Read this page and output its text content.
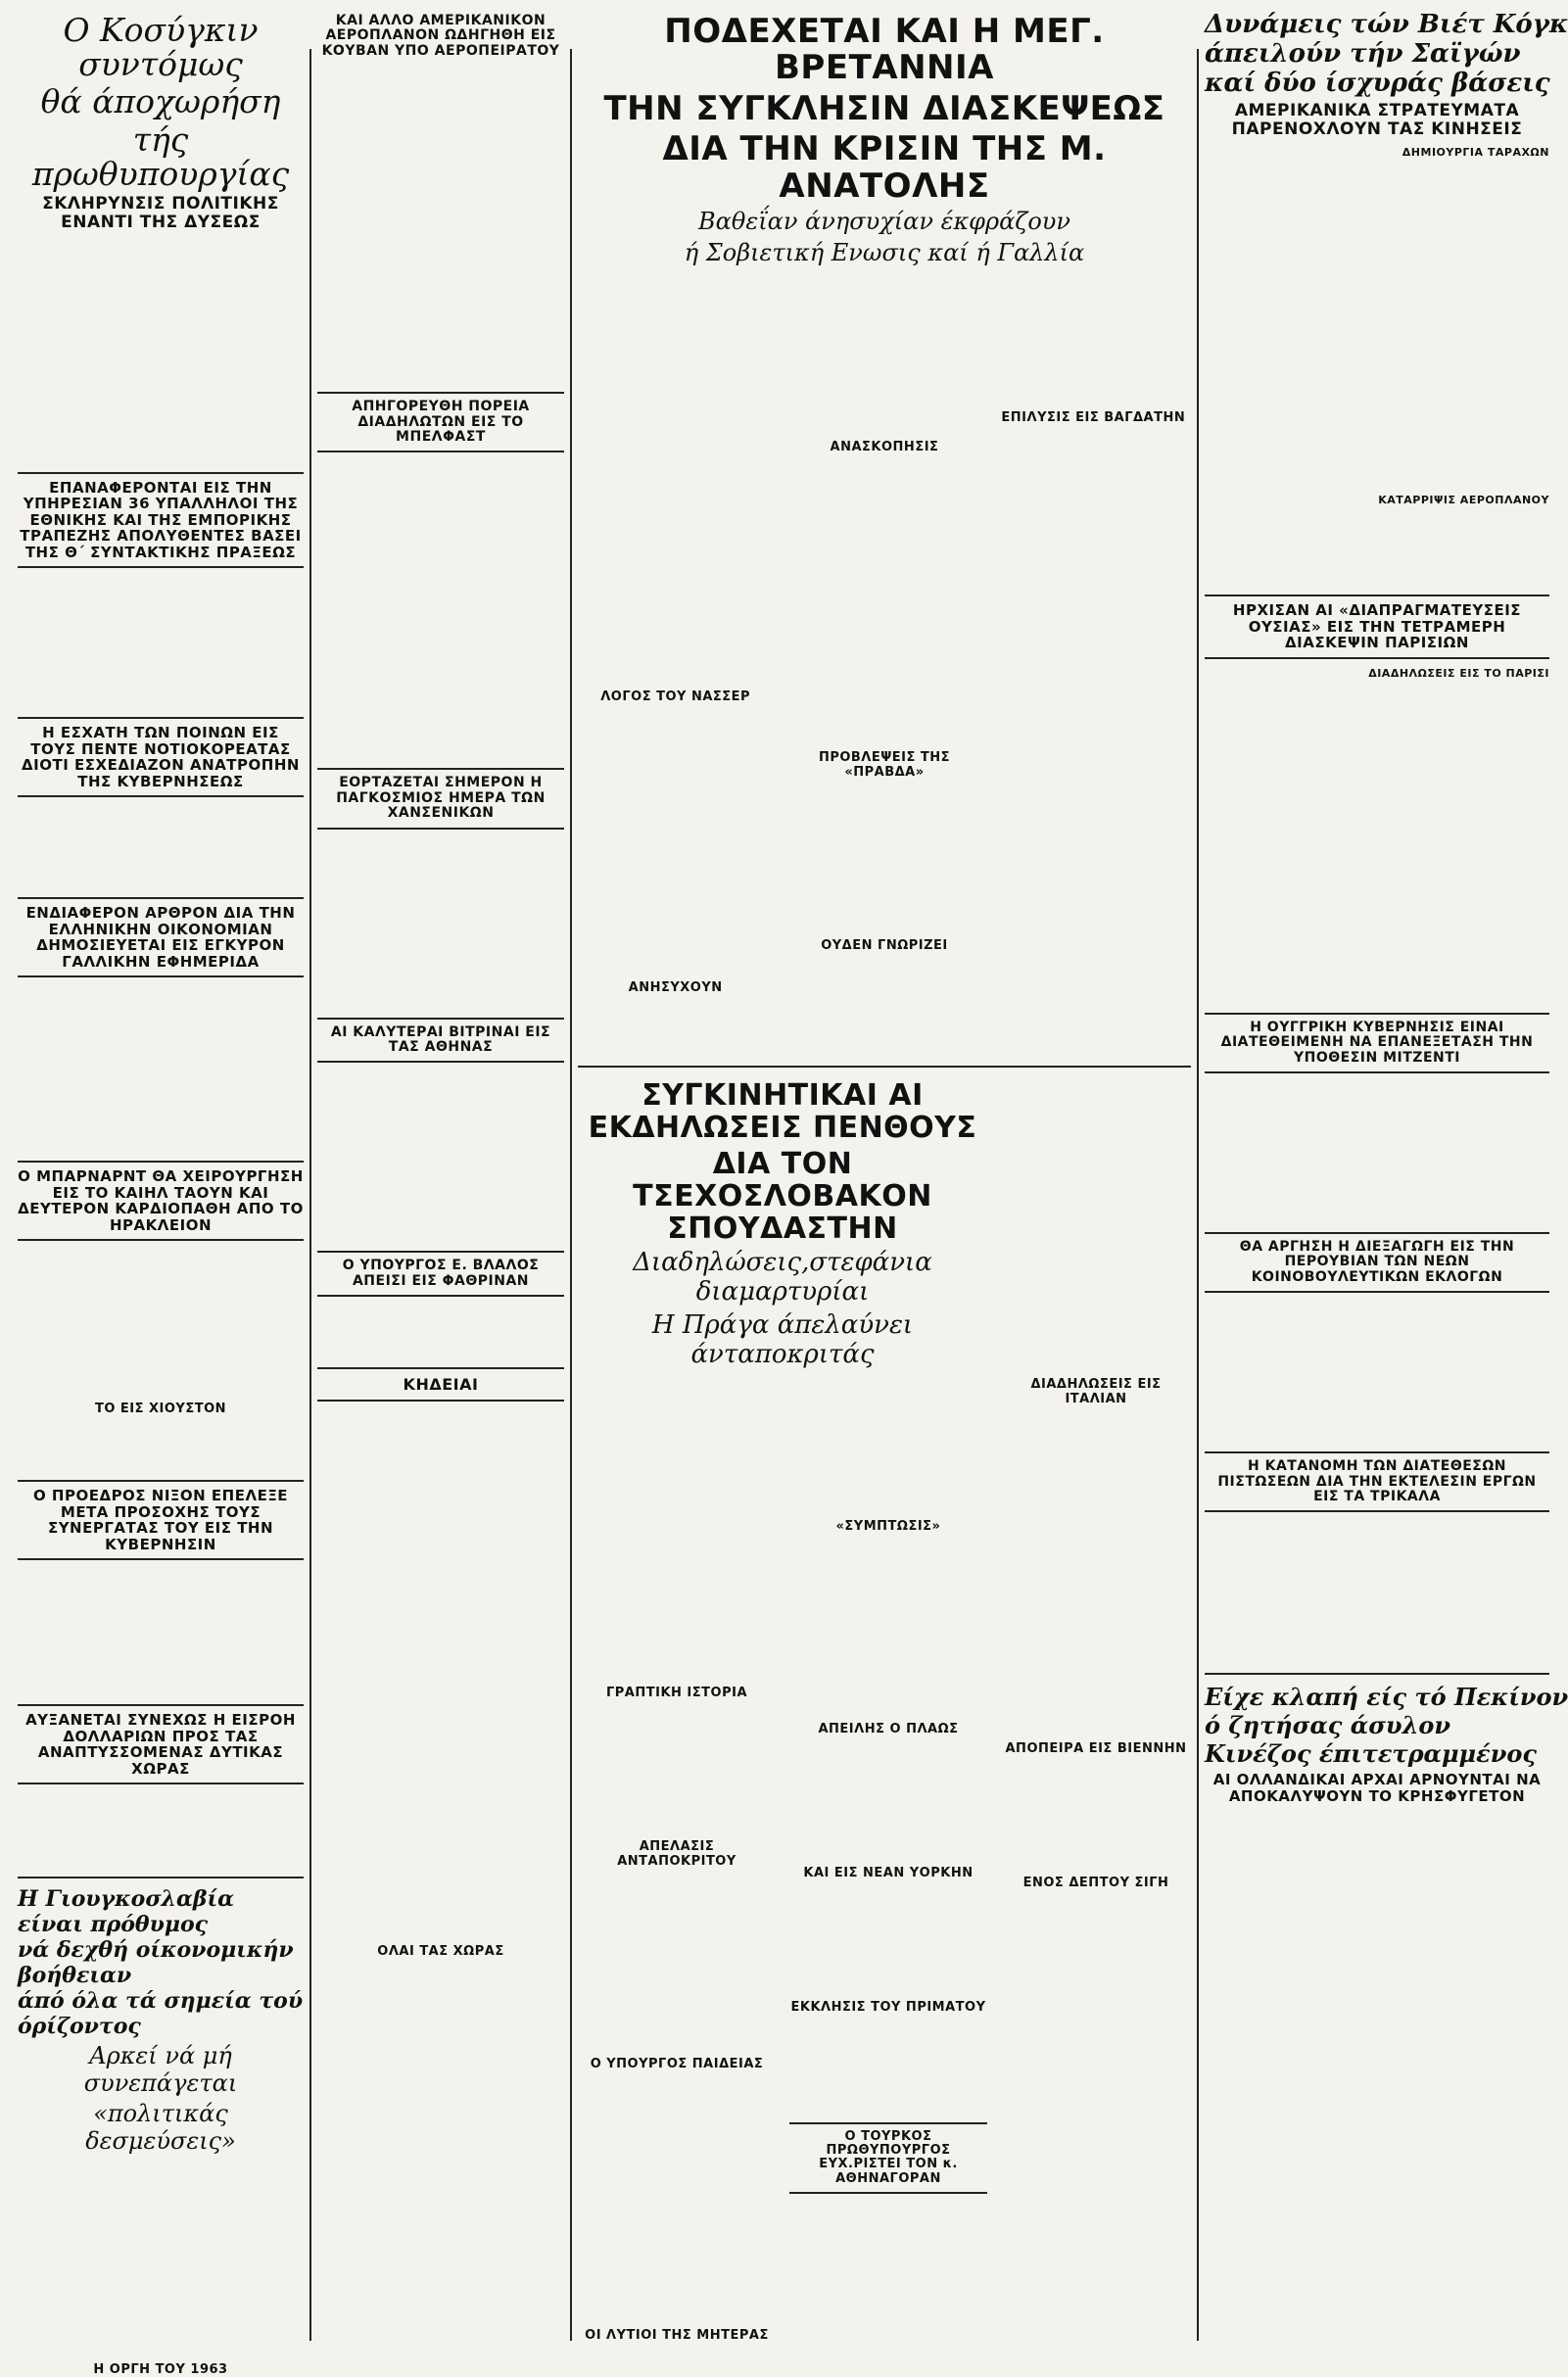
Ο Κοσύγκιν συντόμως
θά άποχωρήση
τής πρωθυπουργίας
ΣΚΛΗΡΥΝΣΙΣ ΠΟΛΙΤΙΚΗΣ ΕΝΑΝΤΙ ΤΗΣ ΔΥΣΕΩΣ
ΕΠΑΝΑΦΕΡΟΝΤΑΙ ΕΙΣ ΤΗΝ ΥΠΗΡΕΣΙΑΝ 36 ΥΠΑΛΛΗΛΟΙ ΤΗΣ ΕΘΝΙΚΗΣ ΚΑΙ ΤΗΣ ΕΜΠΟΡΙΚΗΣ ΤΡΑΠΕΖΗΣ ΑΠΟΛΥΘΕΝΤΕΣ ΒΑΣΕΙ ΤΗΣ Θ΄ ΣΥΝΤΑΚΤΙΚΗΣ ΠΡΑΞΕΩΣ
Η ΕΣΧΑΤΗ ΤΩΝ ΠΟΙΝΩΝ ΕΙΣ ΤΟΥΣ ΠΕΝΤΕ ΝΟΤΙΟΚΟΡΕΑΤΑΣ ΔΙΟΤΙ ΕΣΧΕΔΙΑΖΟΝ ΑΝΑΤΡΟΠΗΝ ΤΗΣ ΚΥΒΕΡΝΗΣΕΩΣ
ΕΝΔΙΑΦΕΡΟΝ ΑΡΘΡΟΝ ΔΙΑ ΤΗΝ ΕΛΛΗΝΙΚΗΝ ΟΙΚΟΝΟΜΙΑΝ ΔΗΜΟΣΙΕΥΕΤΑΙ ΕΙΣ ΕΓΚΥΡΟΝ ΓΑΛΛΙΚΗΝ ΕΦΗΜΕΡΙΔΑ
Ο ΜΠΑΡΝΑΡΝΤ ΘΑ ΧΕΙΡΟΥΡΓΗΣΗ ΕΙΣ ΤΟ ΚΑΙΗΛ ΤΑΟΥΝ ΚΑΙ ΔΕΥΤΕΡΟΝ ΚΑΡΔΙΟΠΑΘΗ ΑΠΟ ΤΟ ΗΡΑΚΛΕΙΟΝ
ΤΟ ΕΙΣ ΧΙΟΥΣΤΟΝ
Ο ΠΡΟΕΔΡΟΣ ΝΙΞΟΝ ΕΠΕΛΕΞΕ ΜΕΤΑ ΠΡΟΣΟΧΗΣ ΤΟΥΣ ΣΥΝΕΡΓΑΤΑΣ ΤΟΥ ΕΙΣ ΤΗΝ ΚΥΒΕΡΝΗΣΙΝ
ΑΥΞΑΝΕΤΑΙ ΣΥΝΕΧΩΣ Η ΕΙΣΡΟΗ ΔΟΛΛΑΡΙΩΝ ΠΡΟΣ ΤΑΣ ΑΝΑΠΤΥΣΣΟΜΕΝΑΣ ΔΥΤΙΚΑΣ ΧΩΡΑΣ
Η Γιουγκοσλαβία είναι πρόθυμος
νά δεχθή οίκονομικήν βοήθειαν
άπό όλα τά σημεία τού όρίζοντος
Αρκεί νά μή συνεπάγεται
«πολιτικάς δεσμεύσεις»
Η ΟΡΓΗ ΤΟΥ 1963
ΚΑΙ ΑΛΛΟ ΑΜΕΡΙΚΑΝΙΚΟΝ ΑΕΡΟΠΛΑΝΟΝ ΩΔΗΓΗΘΗ ΕΙΣ ΚΟΥΒΑΝ ΥΠΟ ΑΕΡΟΠΕΙΡΑΤΟΥ
ΑΠΗΓΟΡΕΥΘΗ ΠΟΡΕΙΑ ΔΙΑΔΗΛΩΤΩΝ ΕΙΣ ΤΟ ΜΠΕΛΦΑΣΤ
ΕΟΡΤΑΖΕΤΑΙ ΣΗΜΕΡΟΝ Η ΠΑΓΚΟΣΜΙΟΣ ΗΜΕΡΑ ΤΩΝ ΧΑΝΣΕΝΙΚΩΝ
ΑΙ ΚΑΛΥΤΕΡΑΙ ΒΙΤΡΙΝΑΙ ΕΙΣ ΤΑΣ ΑΘΗΝΑΣ
Ο ΥΠΟΥΡΓΟΣ Ε. ΒΛΑΛΟΣ ΑΠΕΙΣΙ ΕΙΣ ΦΑΘΡΙΝΑΝ
ΚΗΔΕΙΑΙ
ΟΛΑΙ ΤΑΣ ΧΩΡΑΣ
ΠΟΔΕΧΕΤΑΙ ΚΑΙ Η ΜΕΓ. ΒΡΕΤΑΝΝΙΑ
ΤΗΝ ΣΥΓΚΛΗΣΙΝ ΔΙΑΣΚΕΨΕΩΣ
ΔΙΑ ΤΗΝ ΚΡΙΣΙΝ ΤΗΣ Μ. ΑΝΑΤΟΛΗΣ
Βαθεΐαν άνησυχίαν έκφράζουν
ή Σοβιετική Ενωσις καί ή Γαλλία
ΛΟΓΟΣ ΤΟΥ ΝΑΣΣΕΡ
ΑΝΗΣΥΧΟΥΝ
ΑΝΑΣΚΟΠΗΣΙΣ
ΠΡΟΒΛΕΨΕΙΣ ΤΗΣ «ΠΡΑΒΔΑ»
ΟΥΔΕΝ ΓΝΩΡΙΖΕΙ
ΕΠΙΛΥΣΙΣ ΕΙΣ ΒΑΓΔΑΤΗΝ
ΣΥΓΚΙΝΗΤΙΚΑΙ ΑΙ ΕΚΔΗΛΩΣΕΙΣ ΠΕΝΘΟΥΣ
ΔΙΑ ΤΟΝ ΤΣΕΧΟΣΛΟΒΑΚΟΝ ΣΠΟΥΔΑΣΤΗΝ
Διαδηλώσεις,στεφάνια διαμαρτυρίαι
Η Πράγα άπελαύνει άνταποκριτάς
ΓΡΑΠΤΙΚΗ ΙΣΤΟΡΙΑ
ΑΠΕΛΑΣΙΣ ΑΝΤΑΠΟΚΡΙΤΟΥ
Ο ΥΠΟΥΡΓΟΣ ΠΑΙΔΕΙΑΣ
ΟΙ ΛΥΤΙΟΙ ΤΗΣ ΜΗΤΕΡΑΣ
«ΣΥΜΠΤΩΣΙΣ»
ΑΠΕΙΛΗΣ Ο ΠΛΑΩΣ
ΚΑΙ ΕΙΣ ΝΕΑΝ ΥΟΡΚΗΝ
ΕΚΚΛΗΣΙΣ ΤΟΥ ΠΡΙΜΑΤΟΥ
Ο ΤΟΥΡΚΟΣ ΠΡΩΘΥΠΟΥΡΓΟΣ ΕΥΧ.ΡΙΣΤΕΙ ΤΟΝ κ. ΑΘΗΝΑΓΟΡΑΝ
ΔΙΑΔΗΛΩΣΕΙΣ ΕΙΣ ΙΤΑΛΙΑΝ
ΑΠΟΠΕΙΡΑ ΕΙΣ ΒΙΕΝΝΗΝ
ΕΝΟΣ ΔΕΠΤΟΥ ΣΙΓΗ
Δυνάμεις τών Βιέτ Κόγκ
άπειλούν τήν Σαϊγών
καί δύο ίσχυράς βάσεις
ΑΜΕΡΙΚΑΝΙΚΑ ΣΤΡΑΤΕΥΜΑΤΑ ΠΑΡΕΝΟΧΛΟΥΝ ΤΑΣ ΚΙΝΗΣΕΙΣ
ΔΗΜΙΟΥΡΓΙΑ ΤΑΡΑΧΩΝ
ΚΑΤΑΡΡΙΨΙΣ ΑΕΡΟΠΛΑΝΟΥ
ΗΡΧΙΣΑΝ ΑΙ «ΔΙΑΠΡΑΓΜΑΤΕΥΣΕΙΣ ΟΥΣΙΑΣ» ΕΙΣ ΤΗΝ ΤΕΤΡΑΜΕΡΗ ΔΙΑΣΚΕΨΙΝ ΠΑΡΙΣΙΩΝ
ΔΙΑΔΗΛΩΣΕΙΣ ΕΙΣ ΤΟ ΠΑΡΙΣΙ
Η ΟΥΓΓΡΙΚΗ ΚΥΒΕΡΝΗΣΙΣ ΕΙΝΑΙ ΔΙΑΤΕΘΕΙΜΕΝΗ ΝΑ ΕΠΑΝΕΞΕΤΑΣΗ ΤΗΝ ΥΠΟΘΕΣΙΝ ΜΙΤΖΕΝΤΙ
ΘΑ ΑΡΓΗΣΗ Η ΔΙΕΞΑΓΩΓΗ ΕΙΣ ΤΗΝ ΠΕΡΟΥΒΙΑΝ ΤΩΝ ΝΕΩΝ ΚΟΙΝΟΒΟΥΛΕΥΤΙΚΩΝ ΕΚΛΟΓΩΝ
Η ΚΑΤΑΝΟΜΗ ΤΩΝ ΔΙΑΤΕΘΕΣΩΝ ΠΙΣΤΩΣΕΩΝ ΔΙΑ ΤΗΝ ΕΚΤΕΛΕΣΙΝ ΕΡΓΩΝ ΕΙΣ ΤΑ ΤΡΙΚΑΛΑ
Είχε κλαπή είς τό Πεκίνον
ό ζητήσας άσυλον
Κινέζος έπιτετραμμένος
ΑΙ ΟΛΛΑΝΔΙΚΑΙ ΑΡΧΑΙ ΑΡΝΟΥΝΤΑΙ ΝΑ ΑΠΟΚΑΛΥΨΟΥΝ ΤΟ ΚΡΗΣΦΥΓΕΤΟΝ
